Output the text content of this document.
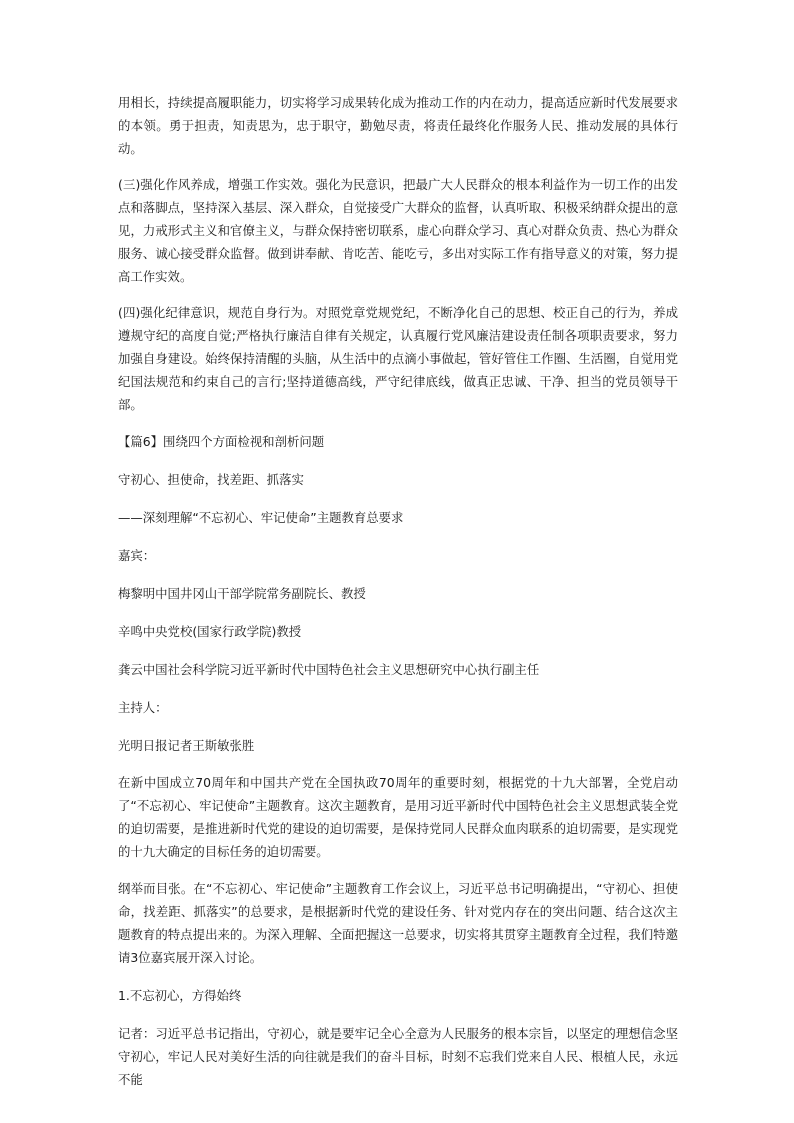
用相长，持续提高履职能力，切实将学习成果转化成为推动工作的内在动力，提高适应新时代发展要求的本领。勇于担责，知责思为，忠于职守，勤勉尽责，将责任最终化作服务人民、推动发展的具体行动。

(三)强化作风养成，增强工作实效。强化为民意识，把最广大人民群众的根本利益作为一切工作的出发点和落脚点，坚持深入基层、深入群众，自觉接受广大群众的监督，认真听取、积极采纳群众提出的意见，力戒形式主义和官僚主义，与群众保持密切联系，虚心向群众学习、真心对群众负责、热心为群众服务、诚心接受群众监督。做到讲奉献、肯吃苦、能吃亏，多出对实际工作有指导意义的对策，努力提高工作实效。

(四)强化纪律意识，规范自身行为。对照党章党规党纪，不断净化自己的思想、校正自己的行为，养成遵规守纪的高度自觉;严格执行廉洁自律有关规定，认真履行党风廉洁建设责任制各项职责要求，努力加强自身建设。始终保持清醒的头脑，从生活中的点滴小事做起，管好管住工作圈、生活圈，自觉用党纪国法规范和约束自己的言行;坚持道德高线，严守纪律底线，做真正忠诚、干净、担当的党员领导干部。

【篇6】围绕四个方面检视和剖析问题

守初心、担使命，找差距、抓落实

——深刻理解“不忘初心、牢记使命”主题教育总要求

嘉宾：

梅黎明中国井冈山干部学院常务副院长、教授

辛鸣中央党校(国家行政学院)教授

龚云中国社会科学院习近平新时代中国特色社会主义思想研究中心执行副主任

主持人：

光明日报记者王斯敏张胜

在新中国成立70周年和中国共产党在全国执政70周年的重要时刻，根据党的十九大部署，全党启动了“不忘初心、牢记使命”主题教育。这次主题教育，是用习近平新时代中国特色社会主义思想武装全党的迫切需要，是推进新时代党的建设的迫切需要，是保持党同人民群众血肉联系的迫切需要，是实现党的十九大确定的目标任务的迫切需要。

纲举而目张。在“不忘初心、牢记使命”主题教育工作会议上，习近平总书记明确提出，“守初心、担使命，找差距、抓落实”的总要求，是根据新时代党的建设任务、针对党内存在的突出问题、结合这次主题教育的特点提出来的。为深入理解、全面把握这一总要求，切实将其贯穿主题教育全过程，我们特邀请3位嘉宾展开深入讨论。

1.不忘初心，方得始终

记者：习近平总书记指出，守初心，就是要牢记全心全意为人民服务的根本宗旨，以坚定的理想信念坚守初心，牢记人民对美好生活的向往就是我们的奋斗目标，时刻不忘我们党来自人民、根植人民，永远不能
